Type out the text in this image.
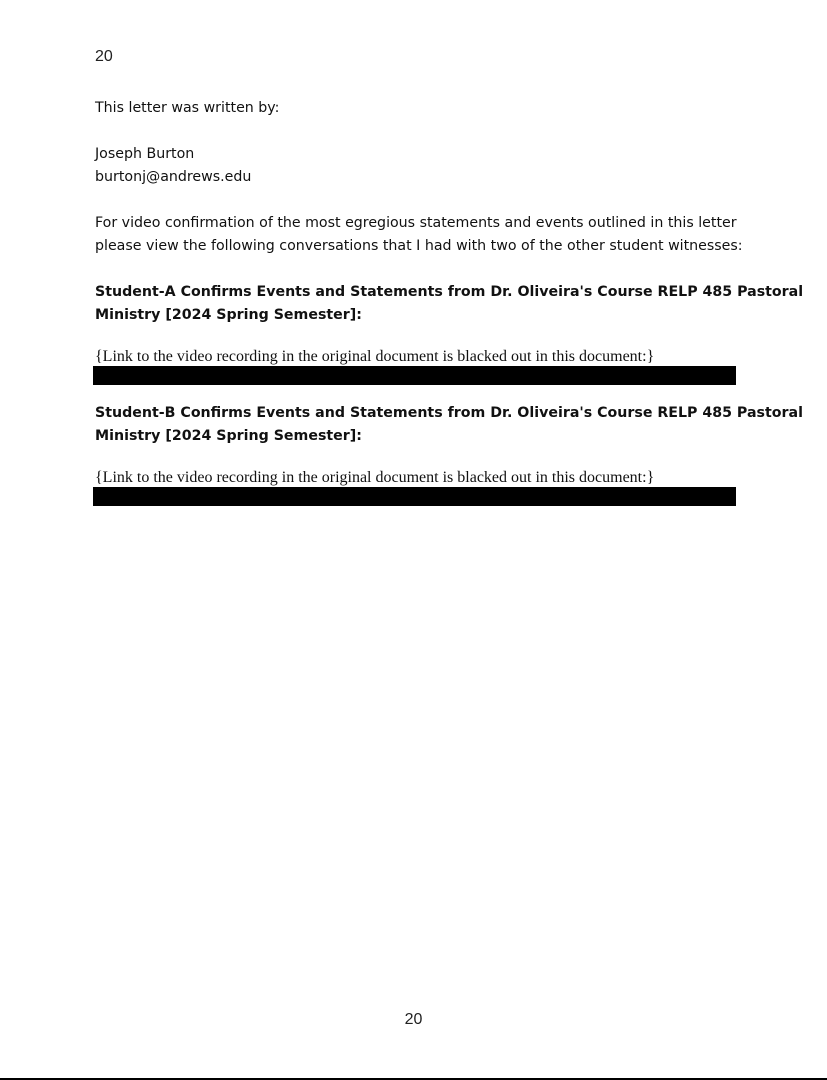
20
This letter was written by:
Joseph Burton
burtonj@andrews.edu
For video confirmation of the most egregious statements and events outlined in this letter
please view the following conversations that I had with two of the other student witnesses:
Student-A Confirms Events and Statements from Dr. Oliveira's Course RELP 485 Pastoral
Ministry [2024 Spring Semester]:
{Link to the video recording in the original document is blacked out in this document:}
Student-B Confirms Events and Statements from Dr. Oliveira's Course RELP 485 Pastoral
Ministry [2024 Spring Semester]:
{Link to the video recording in the original document is blacked out in this document:}
20
